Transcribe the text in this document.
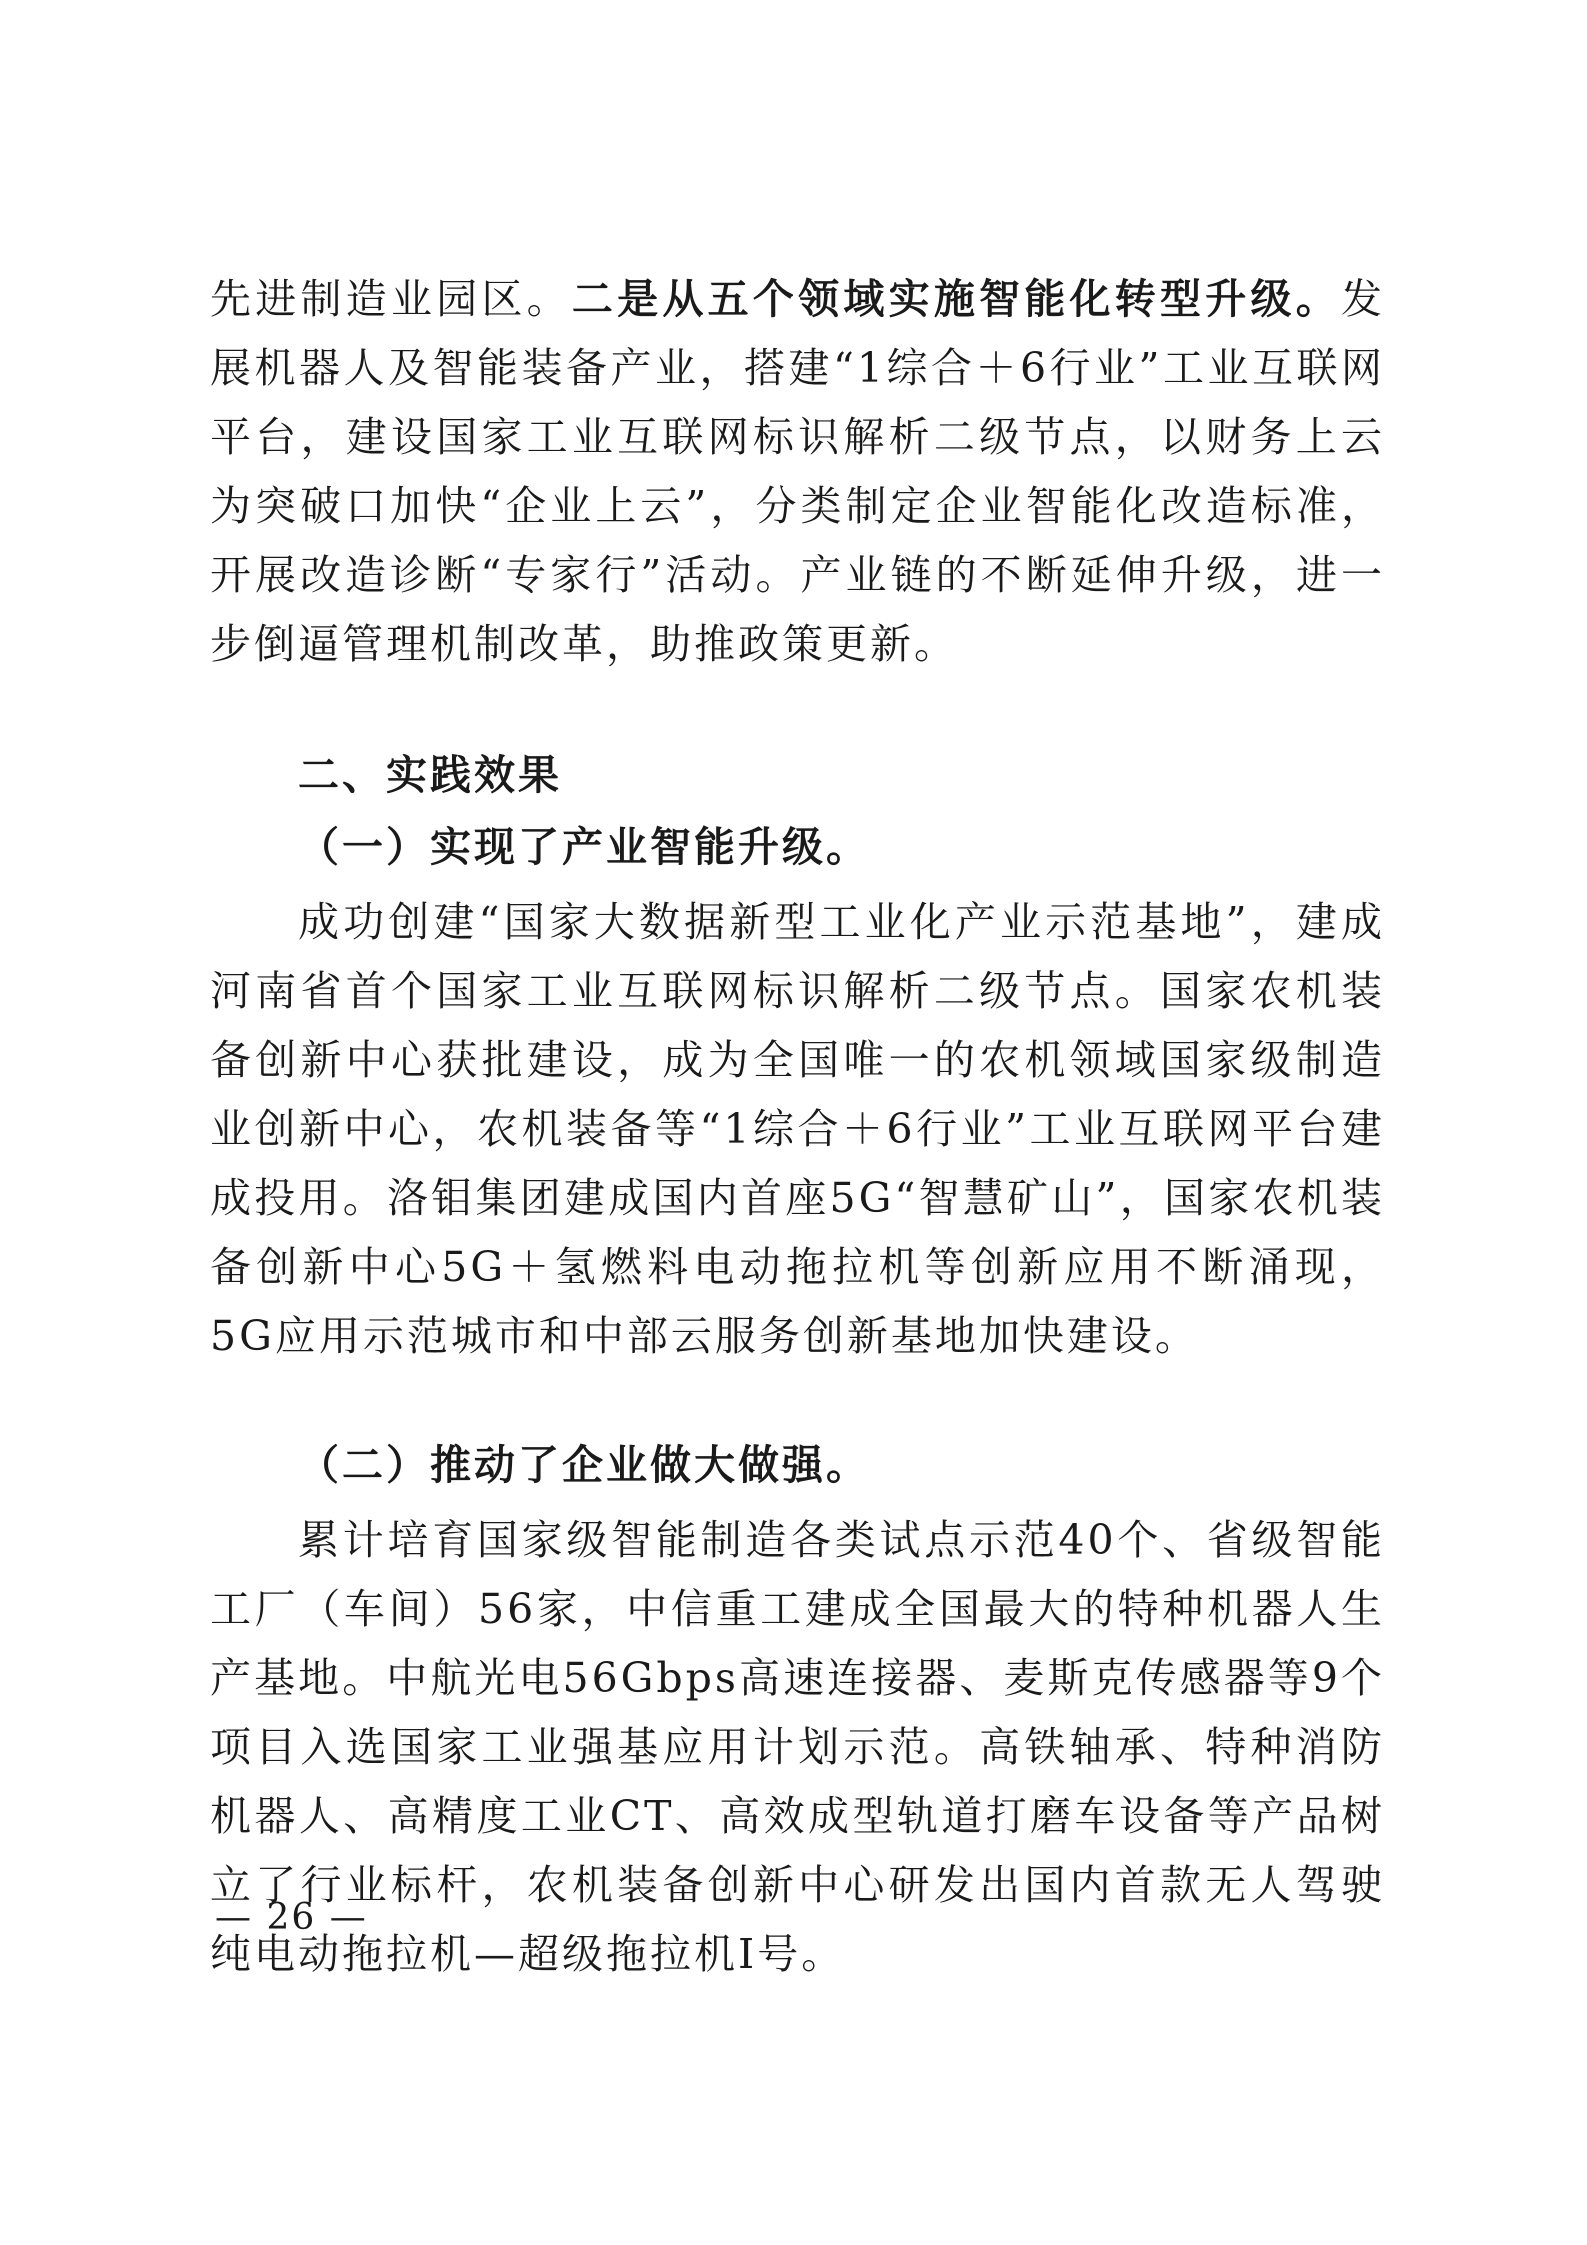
先进制造业园区。二是从五个领域实施智能化转型升级。发展机器人及智能装备产业，搭建“1综合＋6行业”工业互联网平台，建设国家工业互联网标识解析二级节点，以财务上云为突破口加快“企业上云”，分类制定企业智能化改造标准，开展改造诊断“专家行”活动。产业链的不断延伸升级，进一步倒逼管理机制改革，助推政策更新。

二、实践效果

（一）实现了产业智能升级。

成功创建“国家大数据新型工业化产业示范基地”，建成河南省首个国家工业互联网标识解析二级节点。国家农机装备创新中心获批建设，成为全国唯一的农机领域国家级制造业创新中心，农机装备等“1综合＋6行业”工业互联网平台建成投用。洛钼集团建成国内首座5G“智慧矿山”，国家农机装备创新中心5G＋氢燃料电动拖拉机等创新应用不断涌现，5G应用示范城市和中部云服务创新基地加快建设。

（二）推动了企业做大做强。

累计培育国家级智能制造各类试点示范40个、省级智能工厂（车间）56家，中信重工建成全国最大的特种机器人生产基地。中航光电56Gbps高速连接器、麦斯克传感器等9个项目入选国家工业强基应用计划示范。高铁轴承、特种消防机器人、高精度工业CT、高效成型轨道打磨车设备等产品树立了行业标杆，农机装备创新中心研发出国内首款无人驾驶纯电动拖拉机—超级拖拉机Ⅰ号。

— 26 —
